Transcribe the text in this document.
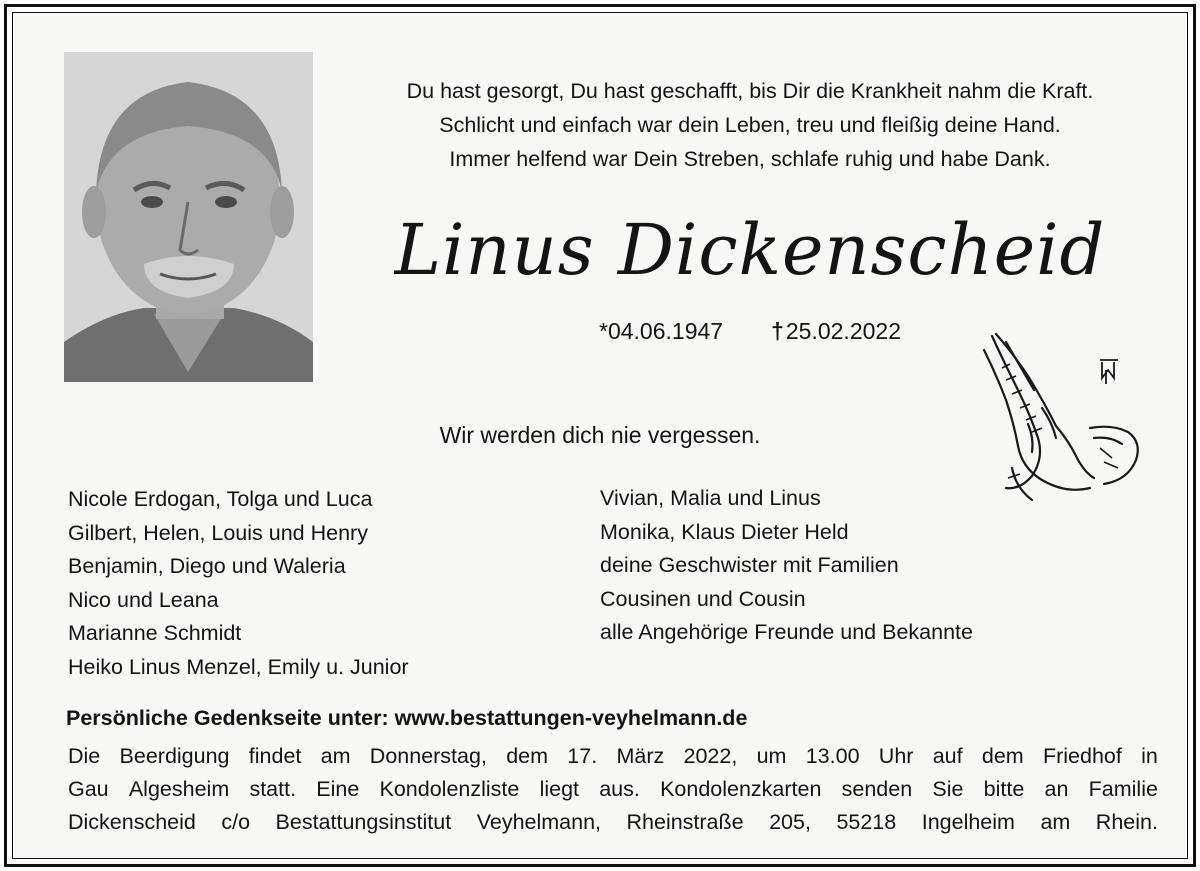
Du hast gesorgt, Du hast geschafft, bis Dir die Krankheit nahm die Kraft.
Schlicht und einfach war dein Leben, treu und fleißig deine Hand.
Immer helfend war Dein Streben, schlafe ruhig und habe Dank.
Linus Dickenscheid
*04.06.1947 †25.02.2022
Wir werden dich nie vergessen.
Nicole Erdogan, Tolga und Luca
Gilbert, Helen, Louis und Henry
Benjamin, Diego und Waleria
Nico und Leana
Marianne Schmidt
Heiko Linus Menzel, Emily u. Junior
Vivian, Malia und Linus
Monika, Klaus Dieter Held
deine Geschwister mit Familien
Cousinen und Cousin
alle Angehörige Freunde und Bekannte
Persönliche Gedenkseite unter: www.bestattungen-veyhelmann.de
Die Beerdigung findet am Donnerstag, dem 17. März 2022, um 13.00 Uhr auf dem Friedhof in
Gau Algesheim statt. Eine Kondolenzliste liegt aus. Kondolenzkarten senden Sie bitte an Familie
Dickenscheid c/o Bestattungsinstitut Veyhelmann, Rheinstraße 205, 55218 Ingelheim am Rhein.
